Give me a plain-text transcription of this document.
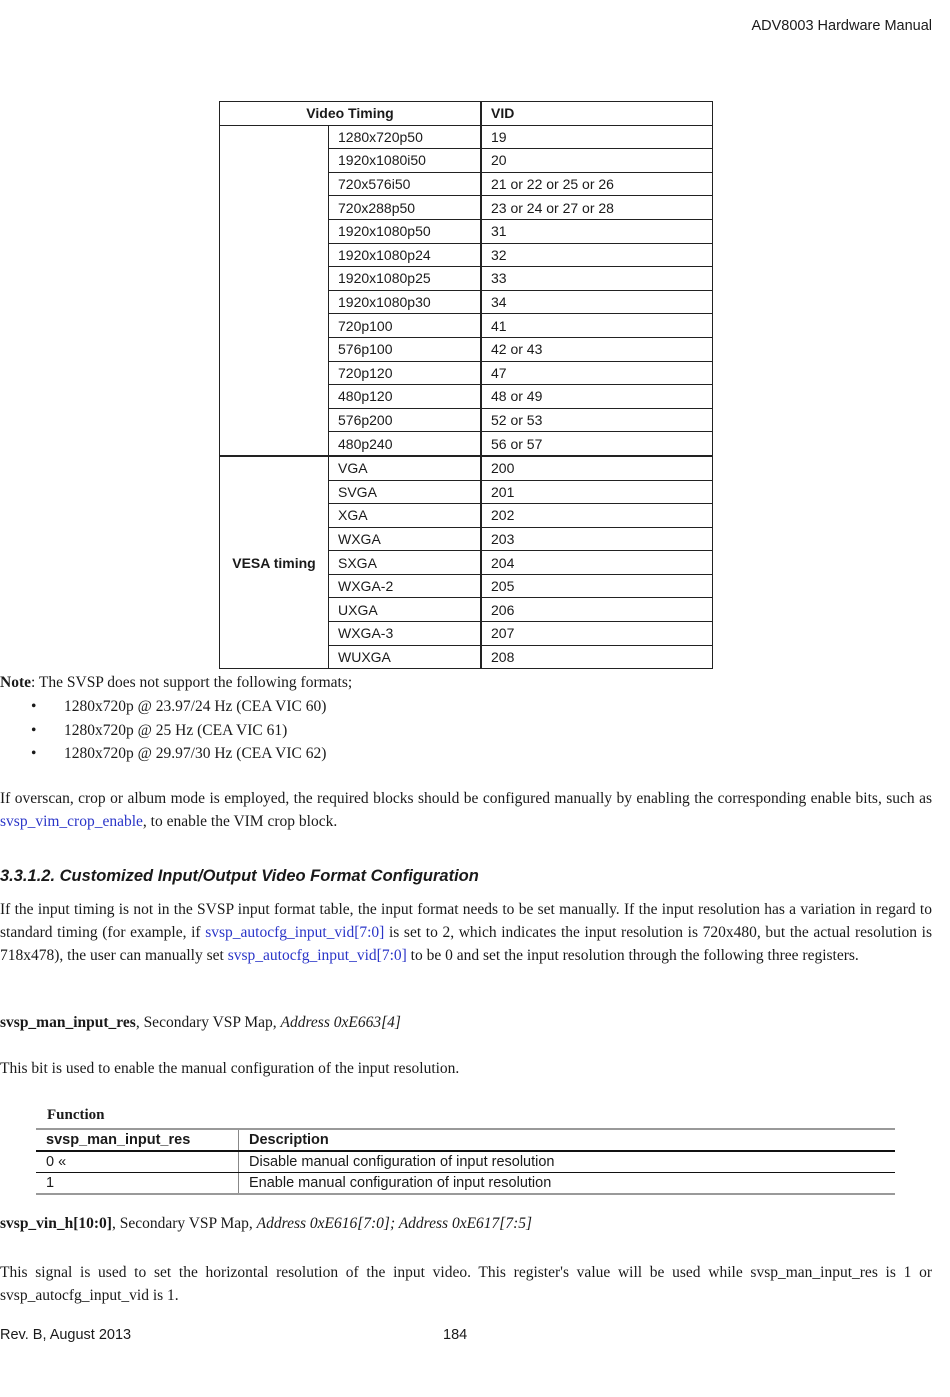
ADV8003 Hardware Manual
Video Timing		VID
	1280x720p50	19
	1920x1080i50	20
	720x576i50	21 or 22 or 25 or 26
	720x288p50	23 or 24 or 27 or 28
	1920x1080p50	31
	1920x1080p24	32
	1920x1080p25	33
	1920x1080p30	34
	720p100	41
	576p100	42 or 43
	720p120	47
	480p120	48 or 49
	576p200	52 or 53
	480p240	56 or 57
VESA timing	VGA	200
	SVGA	201
	XGA	202
	WXGA	203
	SXGA	204
	WXGA-2	205
	UXGA	206
	WXGA-3	207
	WUXGA	208
Note: The SVSP does not support the following formats;
• 1280x720p @ 23.97/24 Hz (CEA VIC 60)
• 1280x720p @ 25 Hz (CEA VIC 61)
• 1280x720p @ 29.97/30 Hz (CEA VIC 62)
If overscan, crop or album mode is employed, the required blocks should be configured manually by enabling the corresponding enable bits, such as svsp_vim_crop_enable, to enable the VIM crop block.
3.3.1.2. Customized Input/Output Video Format Configuration
If the input timing is not in the SVSP input format table, the input format needs to be set manually. If the input resolution has a variation in regard to standard timing (for example, if svsp_autocfg_input_vid[7:0] is set to 2, which indicates the input resolution is 720x480, but the actual resolution is 718x478), the user can manually set svsp_autocfg_input_vid[7:0] to be 0 and set the input resolution through the following three registers.
svsp_man_input_res, Secondary VSP Map, Address 0xE663[4]
This bit is used to enable the manual configuration of the input resolution.
Function
svsp_man_input_res	Description
0 «	Disable manual configuration of input resolution
1	Enable manual configuration of input resolution
svsp_vin_h[10:0], Secondary VSP Map, Address 0xE616[7:0]; Address 0xE617[7:5]
This signal is used to set the horizontal resolution of the input video. This register's value will be used while svsp_man_input_res is 1 or svsp_autocfg_input_vid is 1.
Rev. B, August 2013	184
